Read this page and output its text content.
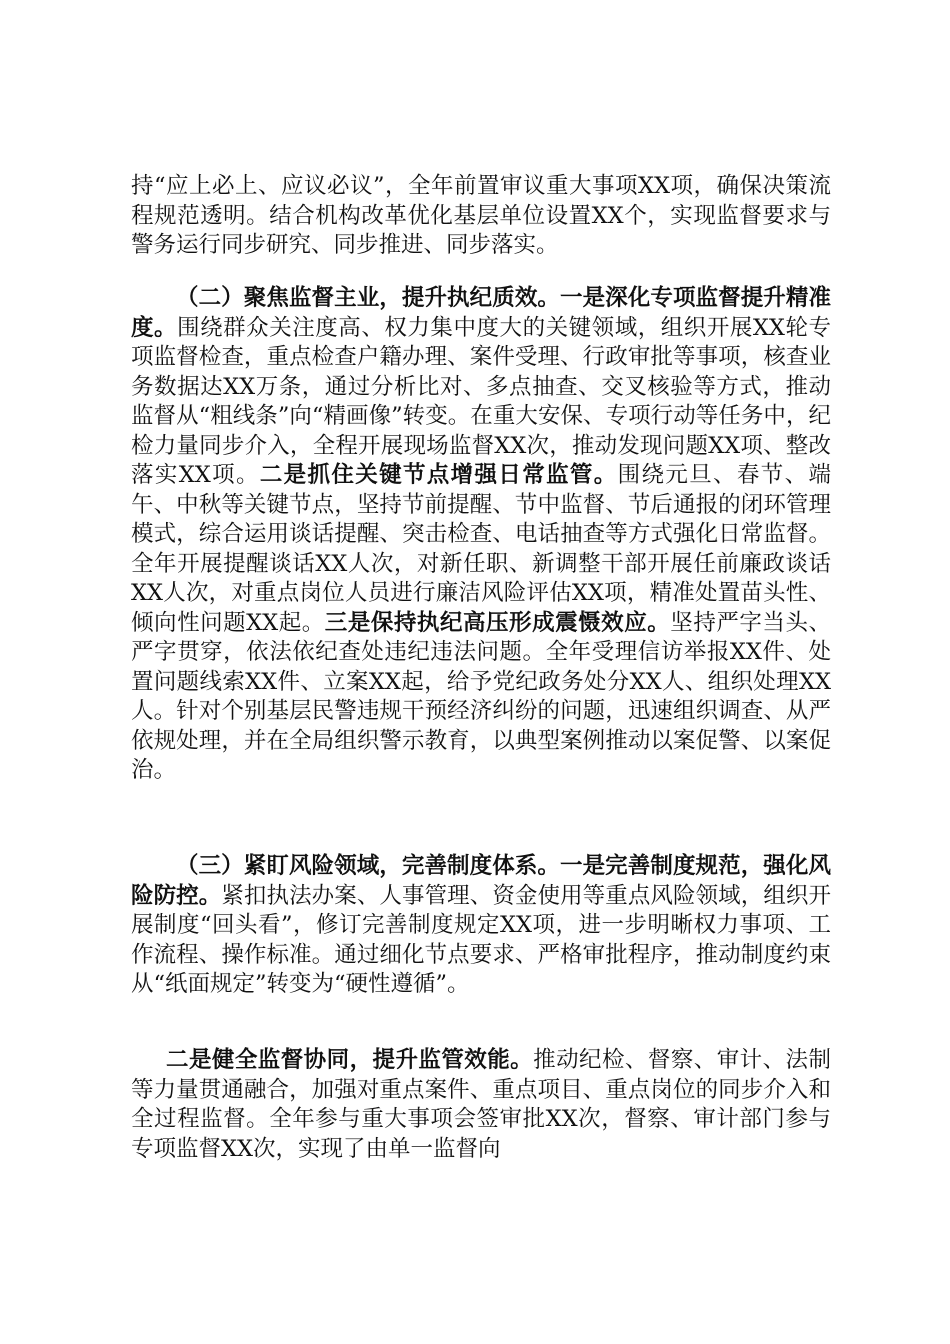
持“应上必上、应议必议”，全年前置审议重大事项XX项，确保决策流程规范透明。结合机构改革优化基层单位设置XX个，实现监督要求与警务运行同步研究、同步推进、同步落实。

（二）聚焦监督主业，提升执纪质效。一是深化专项监督提升精准度。围绕群众关注度高、权力集中度大的关键领域，组织开展XX轮专项监督检查，重点检查户籍办理、案件受理、行政审批等事项，核查业务数据达XX万条，通过分析比对、多点抽查、交叉核验等方式，推动监督从“粗线条”向“精画像”转变。在重大安保、专项行动等任务中，纪检力量同步介入，全程开展现场监督XX次，推动发现问题XX项、整改落实XX项。二是抓住关键节点增强日常监管。围绕元旦、春节、端午、中秋等关键节点，坚持节前提醒、节中监督、节后通报的闭环管理模式，综合运用谈话提醒、突击检查、电话抽查等方式强化日常监督。全年开展提醒谈话XX人次，对新任职、新调整干部开展任前廉政谈话XX人次，对重点岗位人员进行廉洁风险评估XX项，精准处置苗头性、倾向性问题XX起。三是保持执纪高压形成震慑效应。坚持严字当头、严字贯穿，依法依纪查处违纪违法问题。全年受理信访举报XX件、处置问题线索XX件、立案XX起，给予党纪政务处分XX人、组织处理XX人。针对个别基层民警违规干预经济纠纷的问题，迅速组织调查、从严依规处理，并在全局组织警示教育，以典型案例推动以案促警、以案促治。

（三）紧盯风险领域，完善制度体系。一是完善制度规范，强化风险防控。紧扣执法办案、人事管理、资金使用等重点风险领域，组织开展制度“回头看”，修订完善制度规定XX项，进一步明晰权力事项、工作流程、操作标准。通过细化节点要求、严格审批程序，推动制度约束从“纸面规定”转变为“硬性遵循”。

二是健全监督协同，提升监管效能。推动纪检、督察、审计、法制等力量贯通融合，加强对重点案件、重点项目、重点岗位的同步介入和全过程监督。全年参与重大事项会签审批XX次，督察、审计部门参与专项监督XX次，实现了由单一监督向
